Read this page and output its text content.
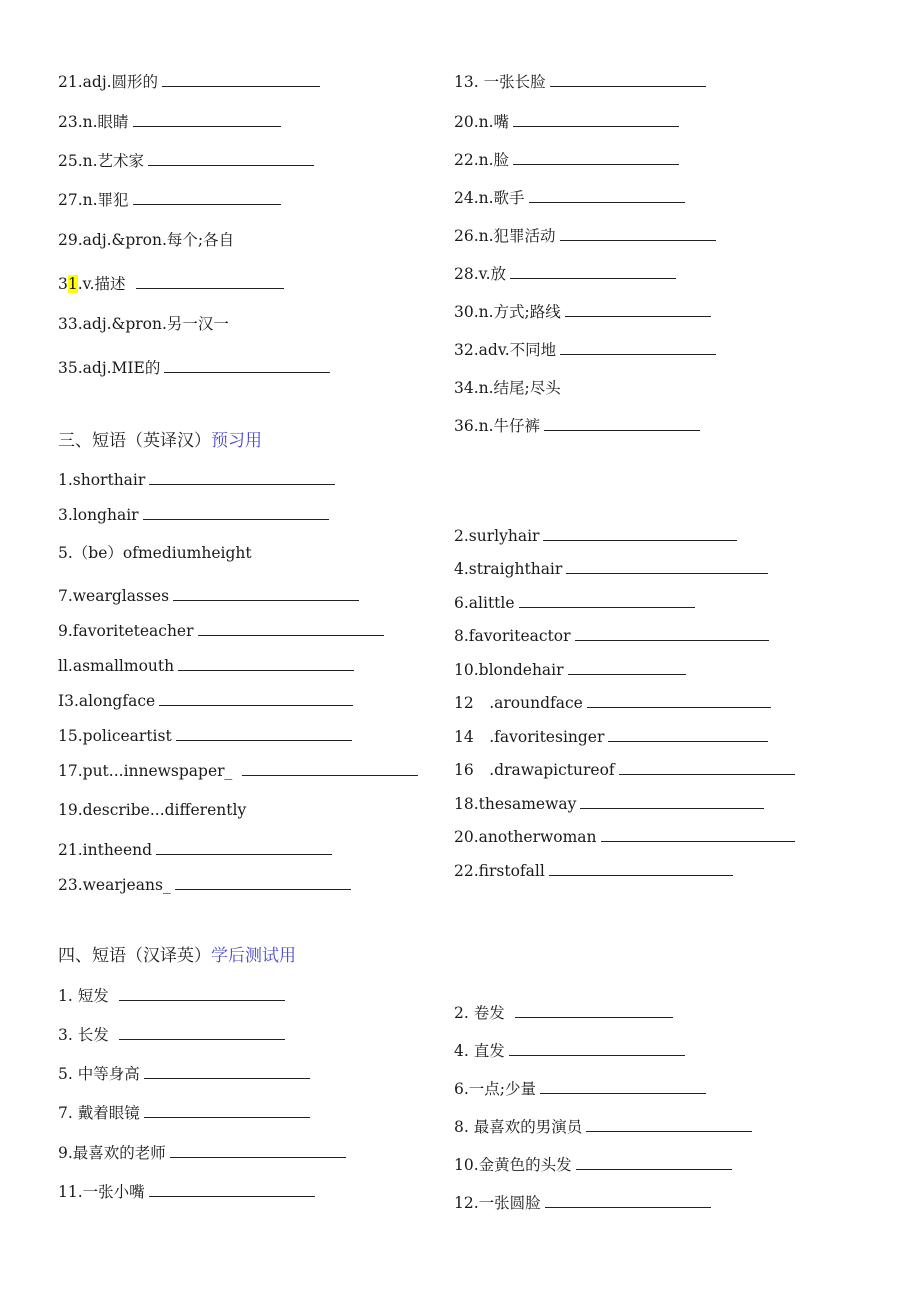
21.adj.圆形的
23.n.眼睛
25.n.艺术家
27.n.罪犯
29.adj.&pron.每个;各自
31.v.描述
33.adj.&pron.另一汉一
35.adj.MIE的
13. 一张长脸
20.n.嘴
22.n.脸
24.n.歌手
26.n.犯罪活动
28.v.放
30.n.方式;路线
32.adv.不同地
34.n.结尾;尽头
36.n.牛仔裤
三、短语（英译汉）预习用
1.shorthair
3.longhair
5.（be）ofmediumheight
7.wearglasses
9.favoriteteacher
ll.asmallmouth
I3.alongface
15.policeartist
17.put...innewspaper_
19.describe...differently
21.intheend
23.wearjeans_
2.surlyhair
4.straighthair
6.alittle
8.favoriteactor
10.blondehair
12　.aroundface
14　.favoritesinger
16　.drawapictureof
18.thesameway
20.anotherwoman
22.firstofall
四、短语（汉译英）学后测试用
1. 短发
3. 长发
5. 中等身高
7. 戴着眼镜
9.最喜欢的老师
11.一张小嘴
2. 卷发
4. 直发
6.一点;少量
8. 最喜欢的男演员
10.金黄色的头发
12.一张圆脸
